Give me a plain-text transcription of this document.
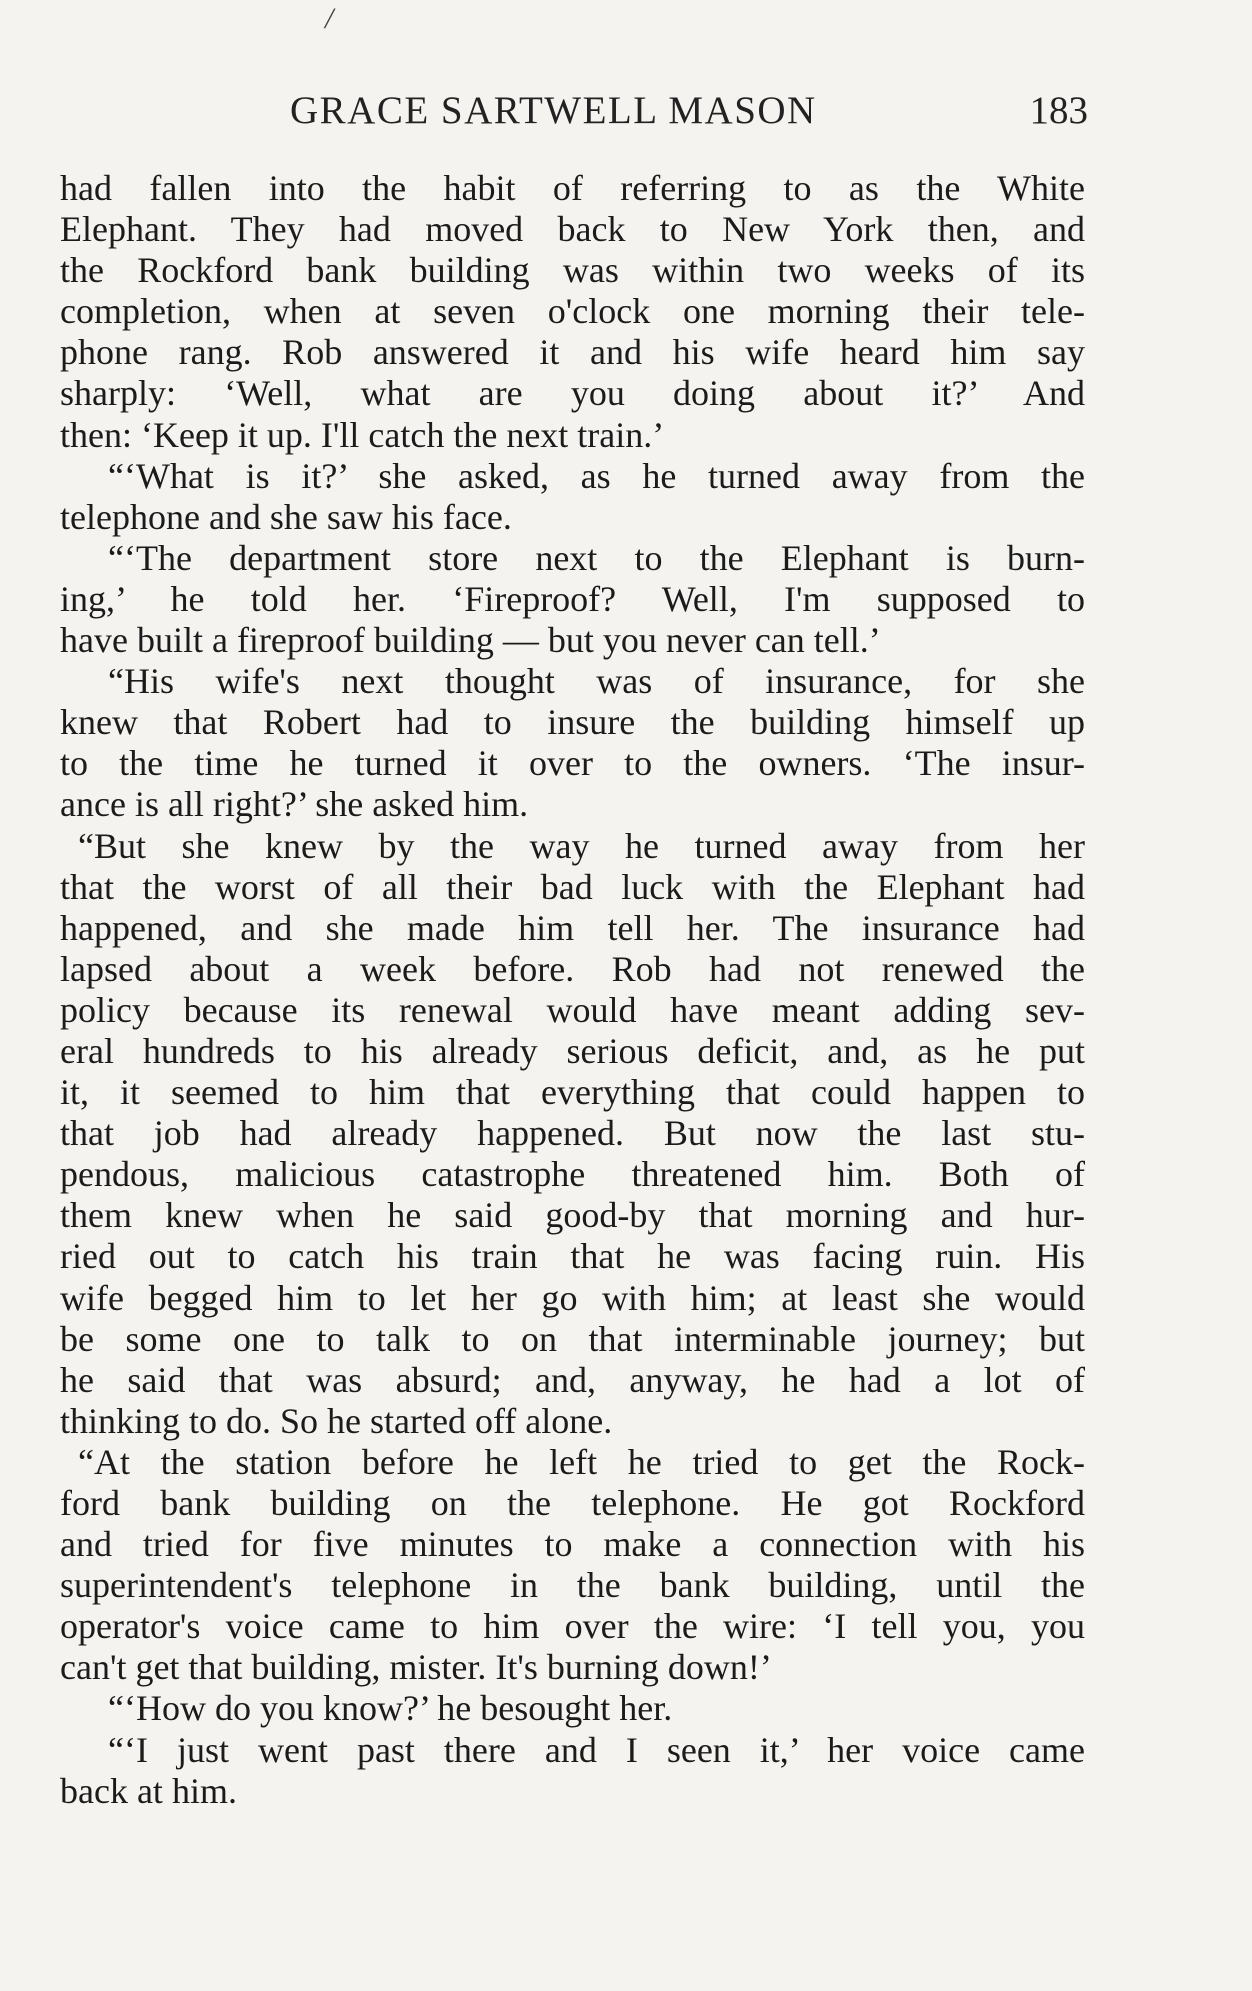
/
GRACE SARTWELL MASON	183
had fallen into the habit of referring to as the White
Elephant. They had moved back to New York then, and
the Rockford bank building was within two weeks of its
completion, when at seven o'clock one morning their tele-
phone rang. Rob answered it and his wife heard him say
sharply: ‘Well, what are you doing about it?’ And
then: ‘Keep it up. I'll catch the next train.’
“‘What is it?’ she asked, as he turned away from the
telephone and she saw his face.
“‘The department store next to the Elephant is burn-
ing,’ he told her. ‘Fireproof? Well, I'm supposed to
have built a fireproof building — but you never can tell.’
“His wife's next thought was of insurance, for she
knew that Robert had to insure the building himself up
to the time he turned it over to the owners. ‘The insur-
ance is all right?’ she asked him.
“But she knew by the way he turned away from her
that the worst of all their bad luck with the Elephant had
happened, and she made him tell her. The insurance had
lapsed about a week before. Rob had not renewed the
policy because its renewal would have meant adding sev-
eral hundreds to his already serious deficit, and, as he put
it, it seemed to him that everything that could happen to
that job had already happened. But now the last stu-
pendous, malicious catastrophe threatened him. Both of
them knew when he said good-by that morning and hur-
ried out to catch his train that he was facing ruin. His
wife begged him to let her go with him; at least she would
be some one to talk to on that interminable journey; but
he said that was absurd; and, anyway, he had a lot of
thinking to do. So he started off alone.
“At the station before he left he tried to get the Rock-
ford bank building on the telephone. He got Rockford
and tried for five minutes to make a connection with his
superintendent's telephone in the bank building, until the
operator's voice came to him over the wire: ‘I tell you, you
can't get that building, mister. It's burning down!’
“‘How do you know?’ he besought her.
“‘I just went past there and I seen it,’ her voice came
back at him.
